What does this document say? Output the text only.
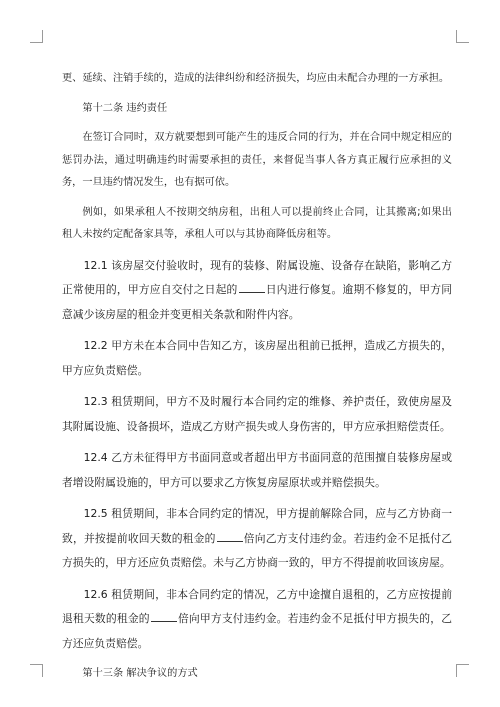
更、延续、注销手续的，造成的法律纠纷和经济损失，均应由未配合办理的一方承担。

第十二条 违约责任

在签订合同时，双方就要想到可能产生的违反合同的行为，并在合同中规定相应的惩罚办法，通过明确违约时需要承担的责任，来督促当事人各方真正履行应承担的义务，一旦违约情况发生，也有据可依。

例如，如果承租人不按期交纳房租，出租人可以提前终止合同，让其搬离;如果出租人未按约定配备家具等，承租人可以与其协商降低房租等。

12.1 该房屋交付验收时，现有的装修、附属设施、设备存在缺陷，影响乙方正常使用的，甲方应自交付之日起的	日内进行修复。逾期不修复的，甲方同意减少该房屋的租金并变更相关条款和附件内容。

12.2 甲方未在本合同中告知乙方，该房屋出租前已抵押，造成乙方损失的，甲方应负责赔偿。

12.3 租赁期间，甲方不及时履行本合同约定的维修、养护责任，致使房屋及其附属设施、设备损坏，造成乙方财产损失或人身伤害的，甲方应承担赔偿责任。

12.4 乙方未征得甲方书面同意或者超出甲方书面同意的范围擅自装修房屋或者增设附属设施的，甲方可以要求乙方恢复房屋原状或并赔偿损失。

12.5 租赁期间，非本合同约定的情况，甲方提前解除合同，应与乙方协商一致，并按提前收回天数的租金的	倍向乙方支付违约金。若违约金不足抵付乙方损失的，甲方还应负责赔偿。未与乙方协商一致的，甲方不得提前收回该房屋。

12.6 租赁期间，非本合同约定的情况，乙方中途擅自退租的，乙方应按提前退租天数的租金的	倍向甲方支付违约金。若违约金不足抵付甲方损失的，乙方还应负责赔偿。

第十三条 解决争议的方式
